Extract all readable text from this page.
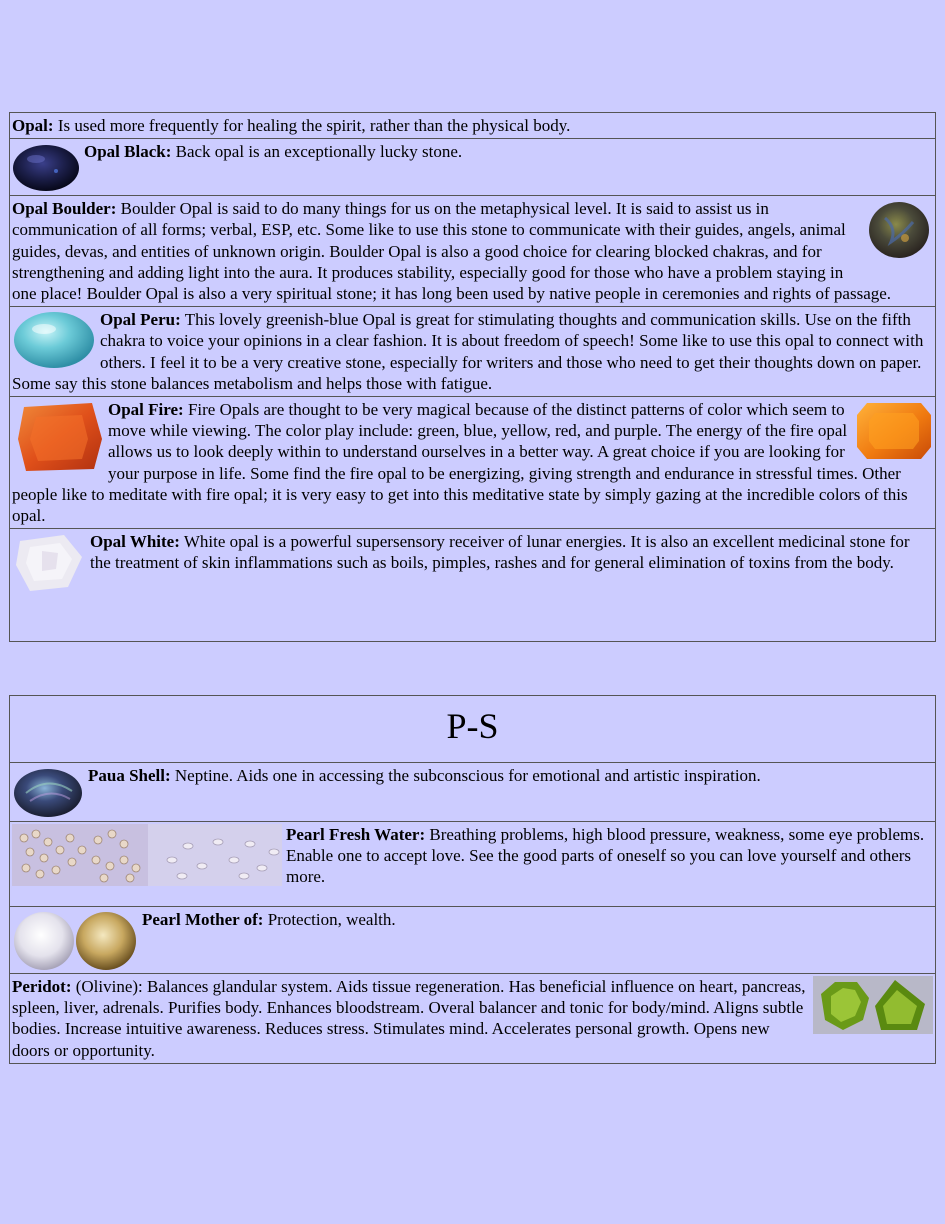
Opal: Is used more frequently for healing the spirit, rather than the physical body.

Opal Black: Back opal is an exceptionally lucky stone.

Opal Boulder: Boulder Opal is said to do many things for us on the metaphysical level. It is said to assist us in communication of all forms; verbal, ESP, etc. Some like to use this stone to communicate with their guides, angels, animal guides, devas, and entities of unknown origin. Boulder Opal is also a good choice for clearing blocked chakras, and for strengthening and adding light into the aura. It produces stability, especially good for those who have a problem staying in one place! Boulder Opal is also a very spiritual stone; it has long been used by native people in ceremonies and rights of passage.

Opal Peru: This lovely greenish-blue Opal is great for stimulating thoughts and communication skills. Use on the fifth chakra to voice your opinions in a clear fashion. It is about freedom of speech! Some like to use this opal to connect with others. I feel it to be a very creative stone, especially for writers and those who need to get their thoughts down on paper. Some say this stone balances metabolism and helps those with fatigue.

Opal Fire: Fire Opals are thought to be very magical because of the distinct patterns of color which seem to move while viewing. The color play include: green, blue, yellow, red, and purple. The energy of the fire opal allows us to look deeply within to understand ourselves in a better way. A great choice if you are looking for your purpose in life. Some find the fire opal to be energizing, giving strength and endurance in stressful times. Other people like to meditate with fire opal; it is very easy to get into this meditative state by simply gazing at the incredible colors of this opal.

Opal White: White opal is a powerful supersensory receiver of lunar energies. It is also an excellent medicinal stone for the treatment of skin inflammations such as boils, pimples, rashes and for general elimination of toxins from the body.
P-S

Paua Shell: Neptine. Aids one in accessing the subconscious for emotional and artistic inspiration.

Pearl Fresh Water: Breathing problems, high blood pressure, weakness, some eye problems. Enable one to accept love. See the good parts of oneself so you can love yourself and others more.

Pearl Mother of: Protection, wealth.

Peridot: (Olivine): Balances glandular system. Aids tissue regeneration. Has beneficial influence on heart, pancreas, spleen, liver, adrenals. Purifies body. Enhances bloodstream. Overal balancer and tonic for body/mind. Aligns subtle bodies. Increase intuitive awareness. Reduces stress. Stimulates mind. Accelerates personal growth. Opens new doors or opportunity.
